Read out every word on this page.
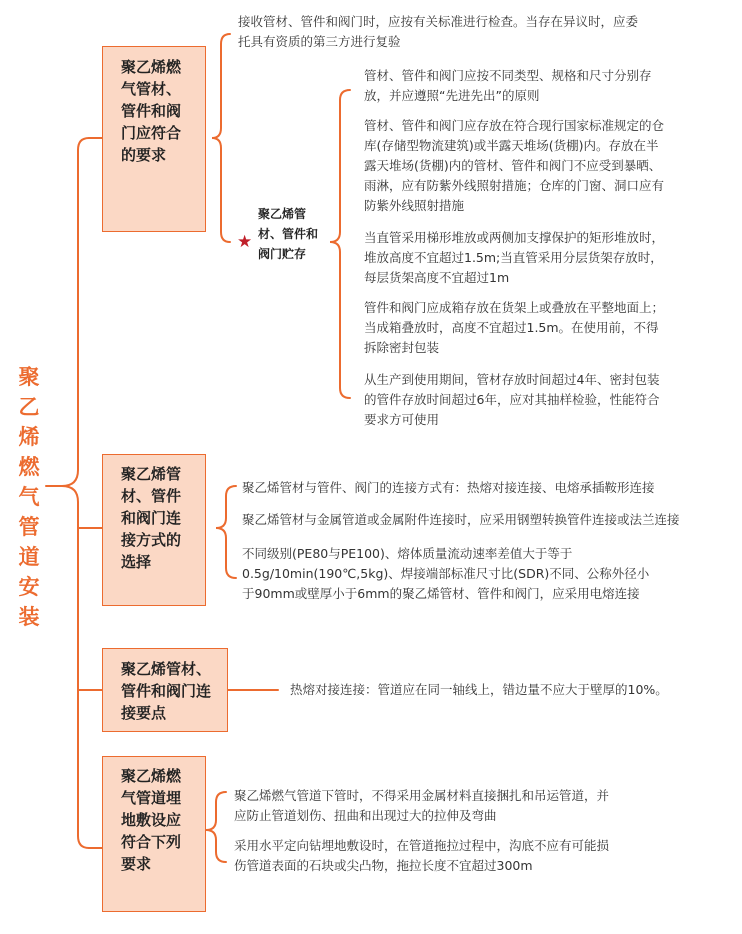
聚乙烯燃气管道安装
聚乙烯燃气管材、管件和阀门应符合的要求
接收管材、管件和阀门时，应按有关标准进行检查。当存在异议时，应委托具有资质的第三方进行复验
★
聚乙烯管材、管件和阀门贮存
管材、管件和阀门应按不同类型、规格和尺寸分别存放，并应遵照“先进先出”的原则
管材、管件和阀门应存放在符合现行国家标准规定的仓库(存储型物流建筑)或半露天堆场(货棚)内。存放在半露天堆场(货棚)内的管材、管件和阀门不应受到暴晒、雨淋，应有防紫外线照射措施；仓库的门窗、洞口应有防紫外线照射措施
当直管采用梯形堆放或两侧加支撑保护的矩形堆放时，堆放高度不宜超过1.5m;当直管采用分层货架存放时，每层货架高度不宜超过1m
管件和阀门应成箱存放在货架上或叠放在平整地面上；当成箱叠放时，高度不宜超过1.5m。在使用前，不得拆除密封包装
从生产到使用期间，管材存放时间超过4年、密封包装的管件存放时间超过6年，应对其抽样检验，性能符合要求方可使用
聚乙烯管材、管件和阀门连接方式的选择
聚乙烯管材与管件、阀门的连接方式有：热熔对接连接、电熔承插鞍形连接
聚乙烯管材与金属管道或金属附件连接时，应采用钢塑转换管件连接或法兰连接
不同级别(PE80与PE100)、熔体质量流动速率差值大于等于0.5g/10min(190℃,5kg)、焊接端部标准尺寸比(SDR)不同、公称外径小于90mm或壁厚小于6mm的聚乙烯管材、管件和阀门，应采用电熔连接
聚乙烯管材、管件和阀门连接要点
热熔对接连接：管道应在同一轴线上，错边量不应大于壁厚的10%。
聚乙烯燃气管道埋地敷设应符合下列要求
聚乙烯燃气管道下管时，不得采用金属材料直接捆扎和吊运管道，并应防止管道划伤、扭曲和出现过大的拉伸及弯曲
采用水平定向钻埋地敷设时，在管道拖拉过程中，沟底不应有可能损伤管道表面的石块或尖凸物，拖拉长度不宜超过300m
